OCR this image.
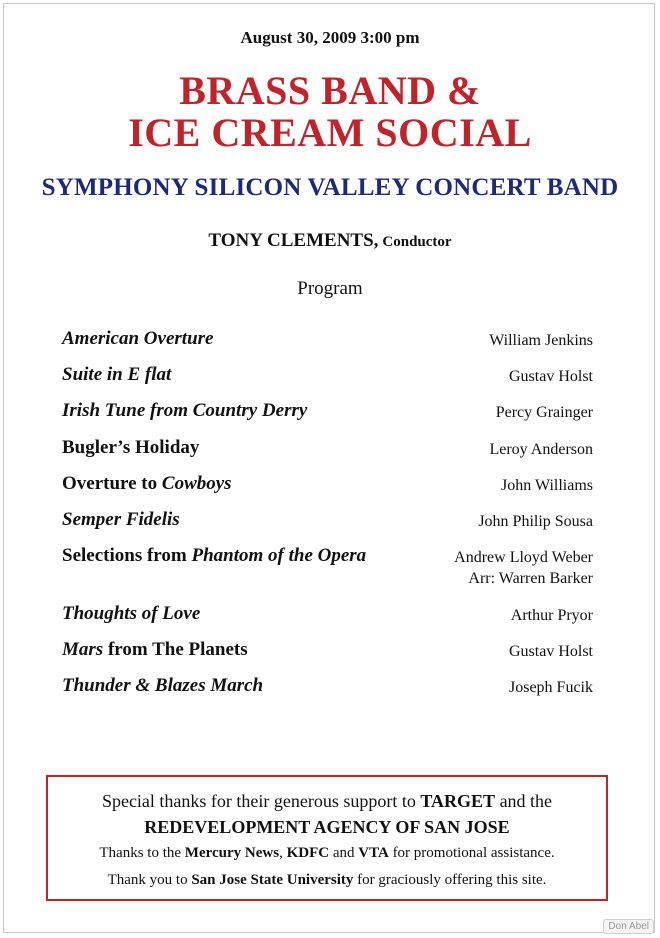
August 30, 2009 3:00 pm
BRASS BAND &
ICE CREAM SOCIAL
SYMPHONY SILICON VALLEY CONCERT BAND
TONY CLEMENTS, Conductor
Program
American Overture	William Jenkins
Suite in E flat	Gustav Holst
Irish Tune from Country Derry	Percy Grainger
Bugler’s Holiday	Leroy Anderson
Overture to Cowboys	John Williams
Semper Fidelis	John Philip Sousa
Selections from Phantom of the Opera	Andrew Lloyd Weber
Arr: Warren Barker
Thoughts of Love	Arthur Pryor
Mars from The Planets	Gustav Holst
Thunder & Blazes March	Joseph Fucik
Special thanks for their generous support to TARGET and the
REDEVELOPMENT AGENCY OF SAN JOSE
Thanks to the Mercury News, KDFC and VTA for promotional assistance.
Thank you to San Jose State University for graciously offering this site.
Don Abel
